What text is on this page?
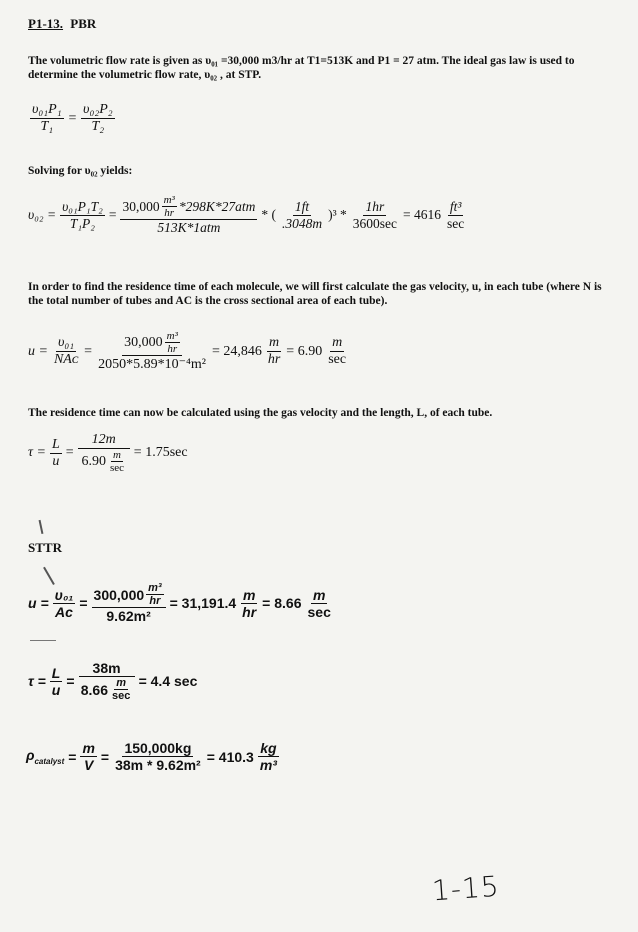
P1-13. PBR
The volumetric flow rate is given as υ₀₁ =30,000 m3/hr at T1=513K and P1 = 27 atm. The ideal gas law is used to determine the volumetric flow rate, υ₀₂ , at STP.
$\frac{\text{υ₀₁P₁}}{\text{T₁}} = \frac{\text{υ₀₂P₂}}{\text{T₂}}$
Solving for υ₀₂ yields:
$\upsilon_{02} = \frac{\text{υ₀₁P₁T₂}}{\text{T₁P₂}} = \frac{30,000 \frac{\text{m³}}{hr} *298K*27atm}{\text{513K*1atm}}$ * ( $\frac{1ft}{.3048m} )^3 * \frac{1hr}{3600\sec} = 4616 \frac{\text{ft³}}{\sec}$
In order to find the residence time of each molecule, we will first calculate the gas velocity, u, in each tube (where N is the total number of tubes and AC is the cross sectional area of each tube).
$u = \frac{\text{υ₀₁}}{\text{NAᴄ}} = \frac{30,000 \frac{\text{m³}}{hr}}{\text{2050*5.89*10⁻⁴m²}} = 24,846 \frac{m}{hr} = 6.90 \frac{m}{\sec}$
The residence time can now be calculated using the gas velocity and the length, L, of each tube.
$\tau = \frac{L}{u} = \frac{12m}{6.90 \frac{m}{\sec}} = 1.75\sec$
STTR
$u = \frac{\text{υ₀₁}}{\text{Aᴄ}} = \frac{300,000 \frac{\text{m³}}{hr}}{\text{9.62m²}} = 31,191.4 \frac{m}{hr} = 8.66 \frac{m}{\sec}$
$\tau = \frac{L}{u} = \frac{38m}{8.66 \frac{m}{\sec}} = 4.4$ sec
$\rho_{catalyst} = \frac{m}{V} = \frac{150,000kg}{\text{38m * 9.62m²}} = 410.3 \frac{kg}{\text{m³}}$
1-15
